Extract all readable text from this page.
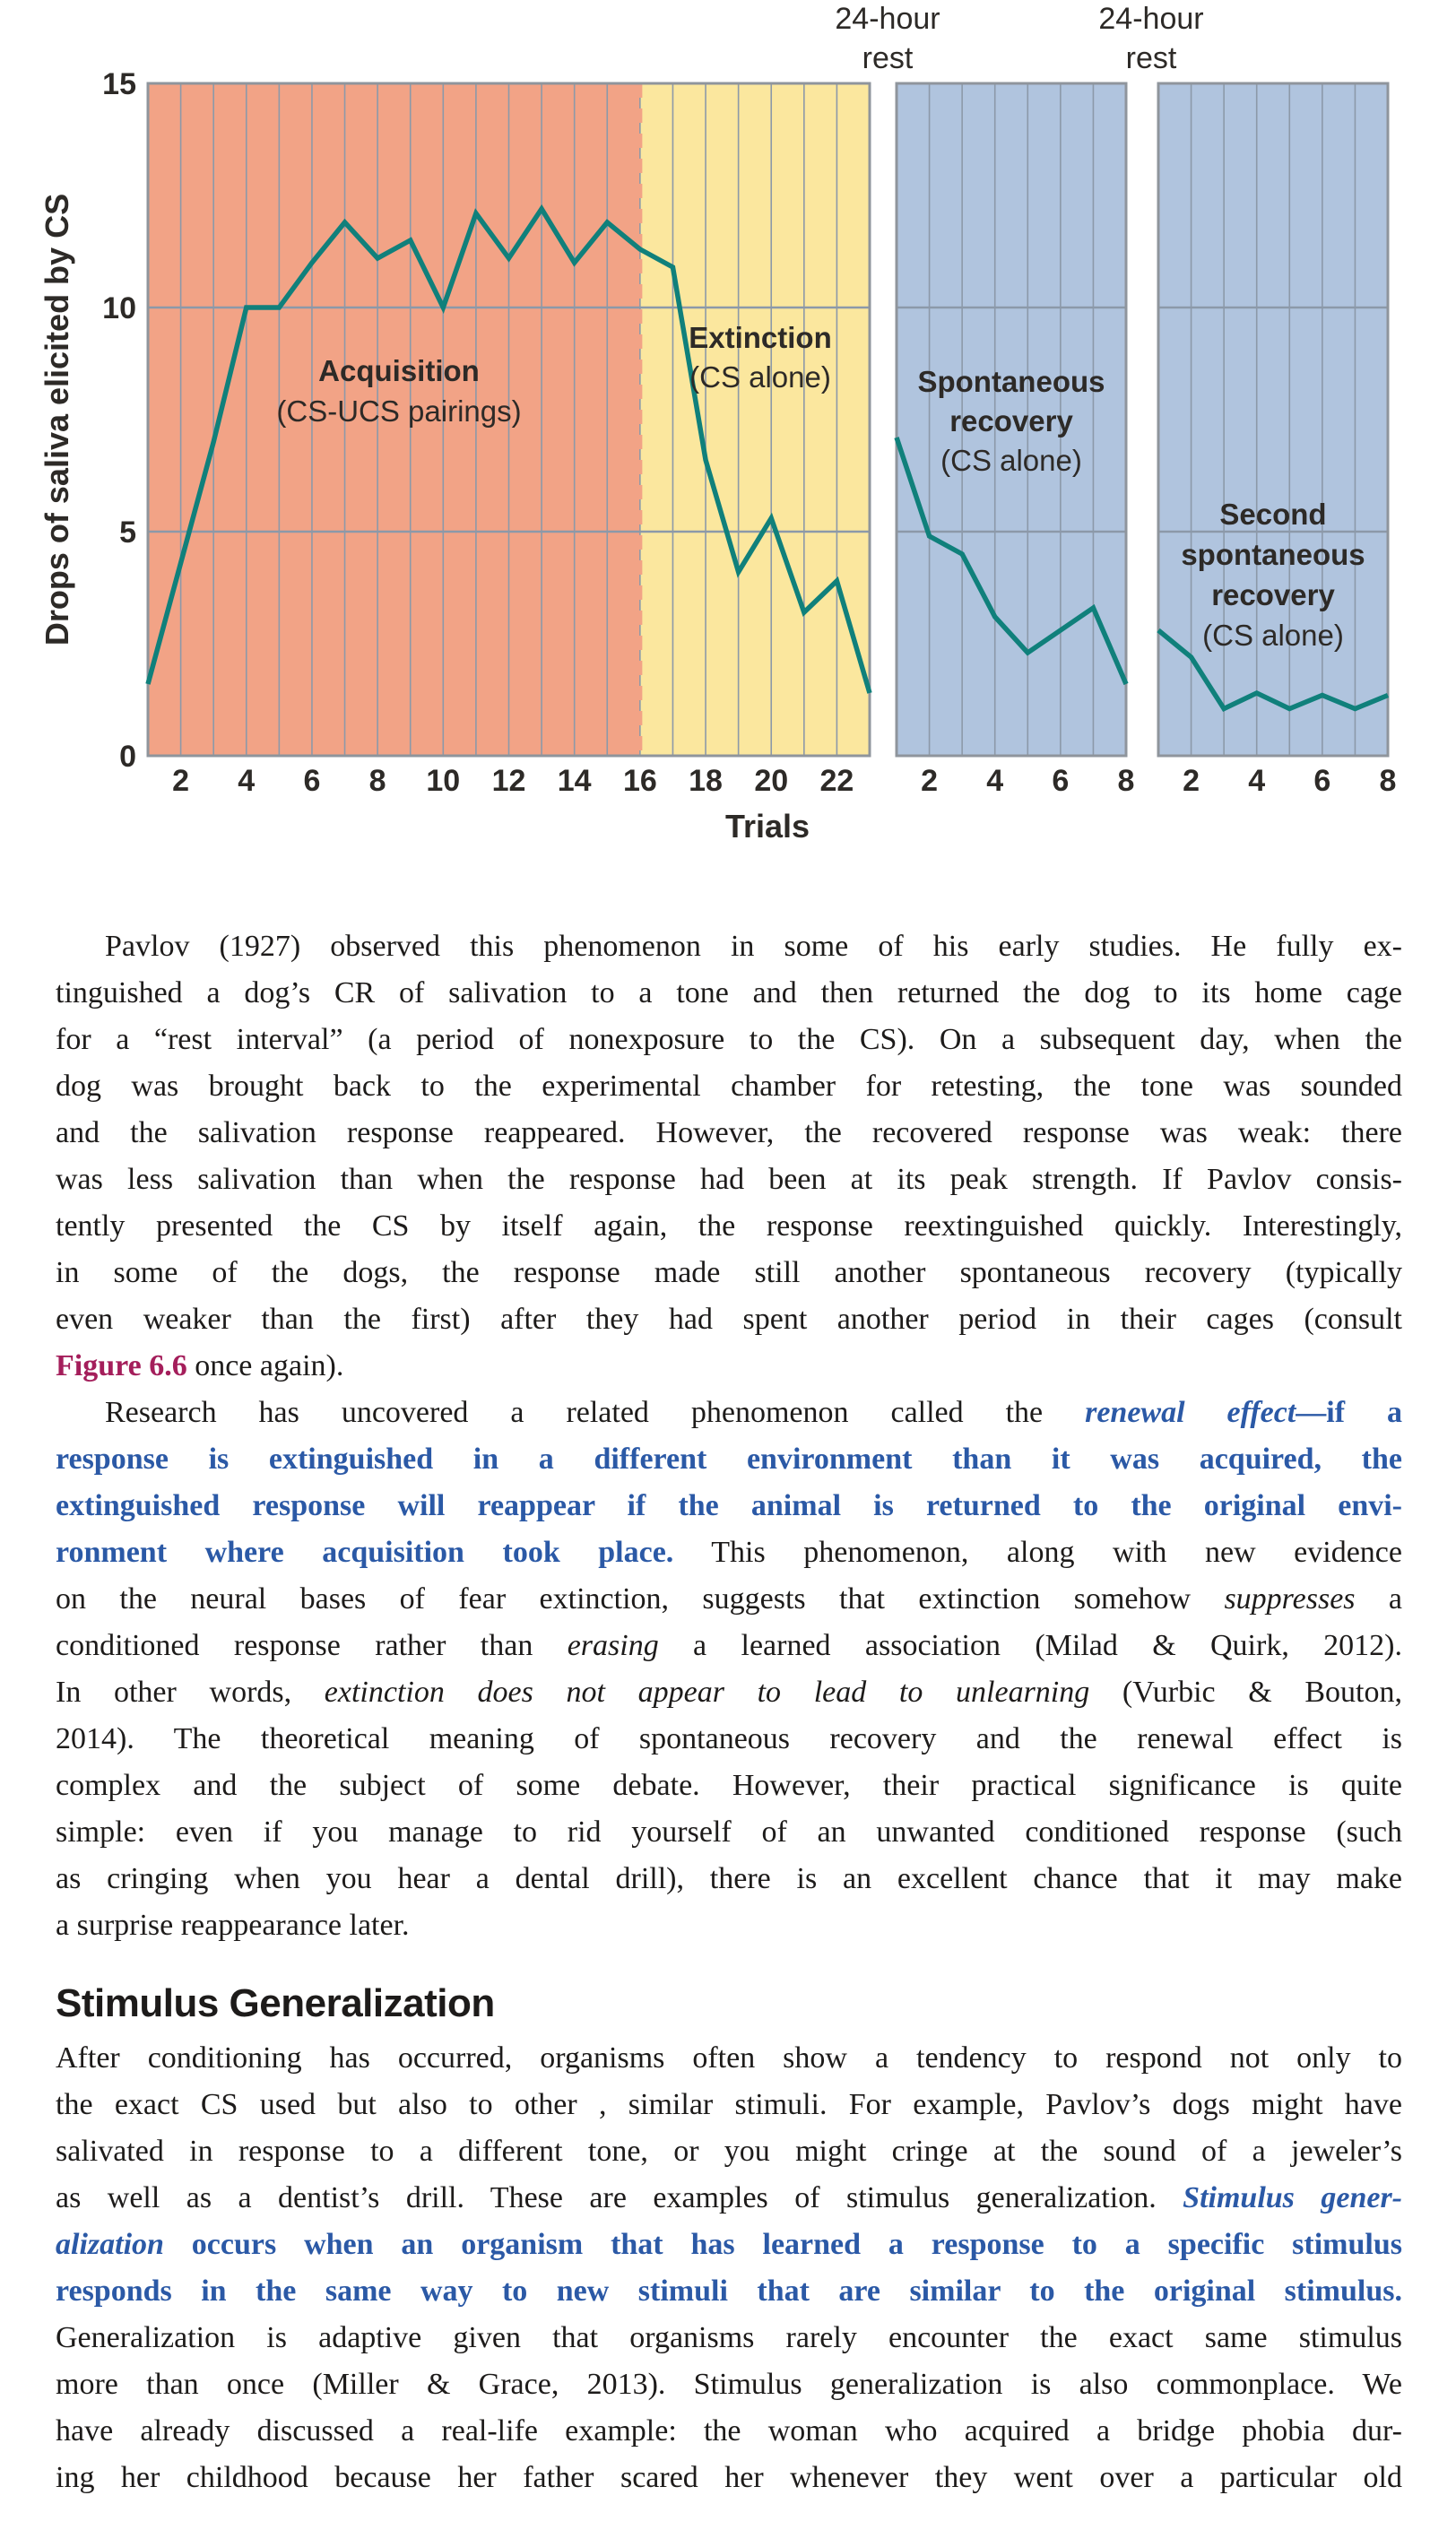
2 4 6 8 10 12 14 16 18 20 22
Acquisition
(CS-UCS pairings)
Extinction
(CS alone)
2 4 6 8
Spontaneous
recovery
(CS alone)
24-hour
rest
2 4 6 8
Second
spontaneous
recovery
(CS alone)
24-hour
rest
0
5
10
15
Drops of saliva elicited by CS
Trials
Pavlov (1927) observed this phenomenon in some of his early studies. He fully ex-
tinguished a dog’s CR of salivation to a tone and then returned the dog to its home cage
for a “rest interval” (a period of nonexposure to the CS). On a subsequent day, when the
dog was brought back to the experimental chamber for retesting, the tone was sounded
and the salivation response reappeared. However, the recovered response was weak: there
was less salivation than when the response had been at its peak strength. If Pavlov consis-
tently presented the CS by itself again, the response reextinguished quickly. Interestingly,
in some of the dogs, the response made still another spontaneous recovery (typically
even weaker than the first) after they had spent another period in their cages (consult
Figure 6.6 once again).
Research has uncovered a related phenomenon called the renewal effect—if a
response is extinguished in a different environment than it was acquired, the
extinguished response will reappear if the animal is returned to the original envi-
ronment where acquisition took place. This phenomenon, along with new evidence
on the neural bases of fear extinction, suggests that extinction somehow suppresses a
conditioned response rather than erasing a learned association (Milad & Quirk, 2012).
In other words, extinction does not appear to lead to unlearning (Vurbic & Bouton,
2014). The theoretical meaning of spontaneous recovery and the renewal effect is
complex and the subject of some debate. However, their practical significance is quite
simple: even if you manage to rid yourself of an unwanted conditioned response (such
as cringing when you hear a dental drill), there is an excellent chance that it may make
a surprise reappearance later.
Stimulus Generalization
After conditioning has occurred, organisms often show a tendency to respond not only to
the exact CS used but also to other , similar stimuli. For example, Pavlov’s dogs might have
salivated in response to a different tone, or you might cringe at the sound of a jeweler’s
as well as a dentist’s drill. These are examples of stimulus generalization. Stimulus gener-
alization occurs when an organism that has learned a response to a specific stimulus
responds in the same way to new stimuli that are similar to the original stimulus.
Generalization is adaptive given that organisms rarely encounter the exact same stimulus
more than once (Miller & Grace, 2013). Stimulus generalization is also commonplace. We
have already discussed a real-life example: the woman who acquired a bridge phobia dur-
ing her childhood because her father scared her whenever they went over a particular old
